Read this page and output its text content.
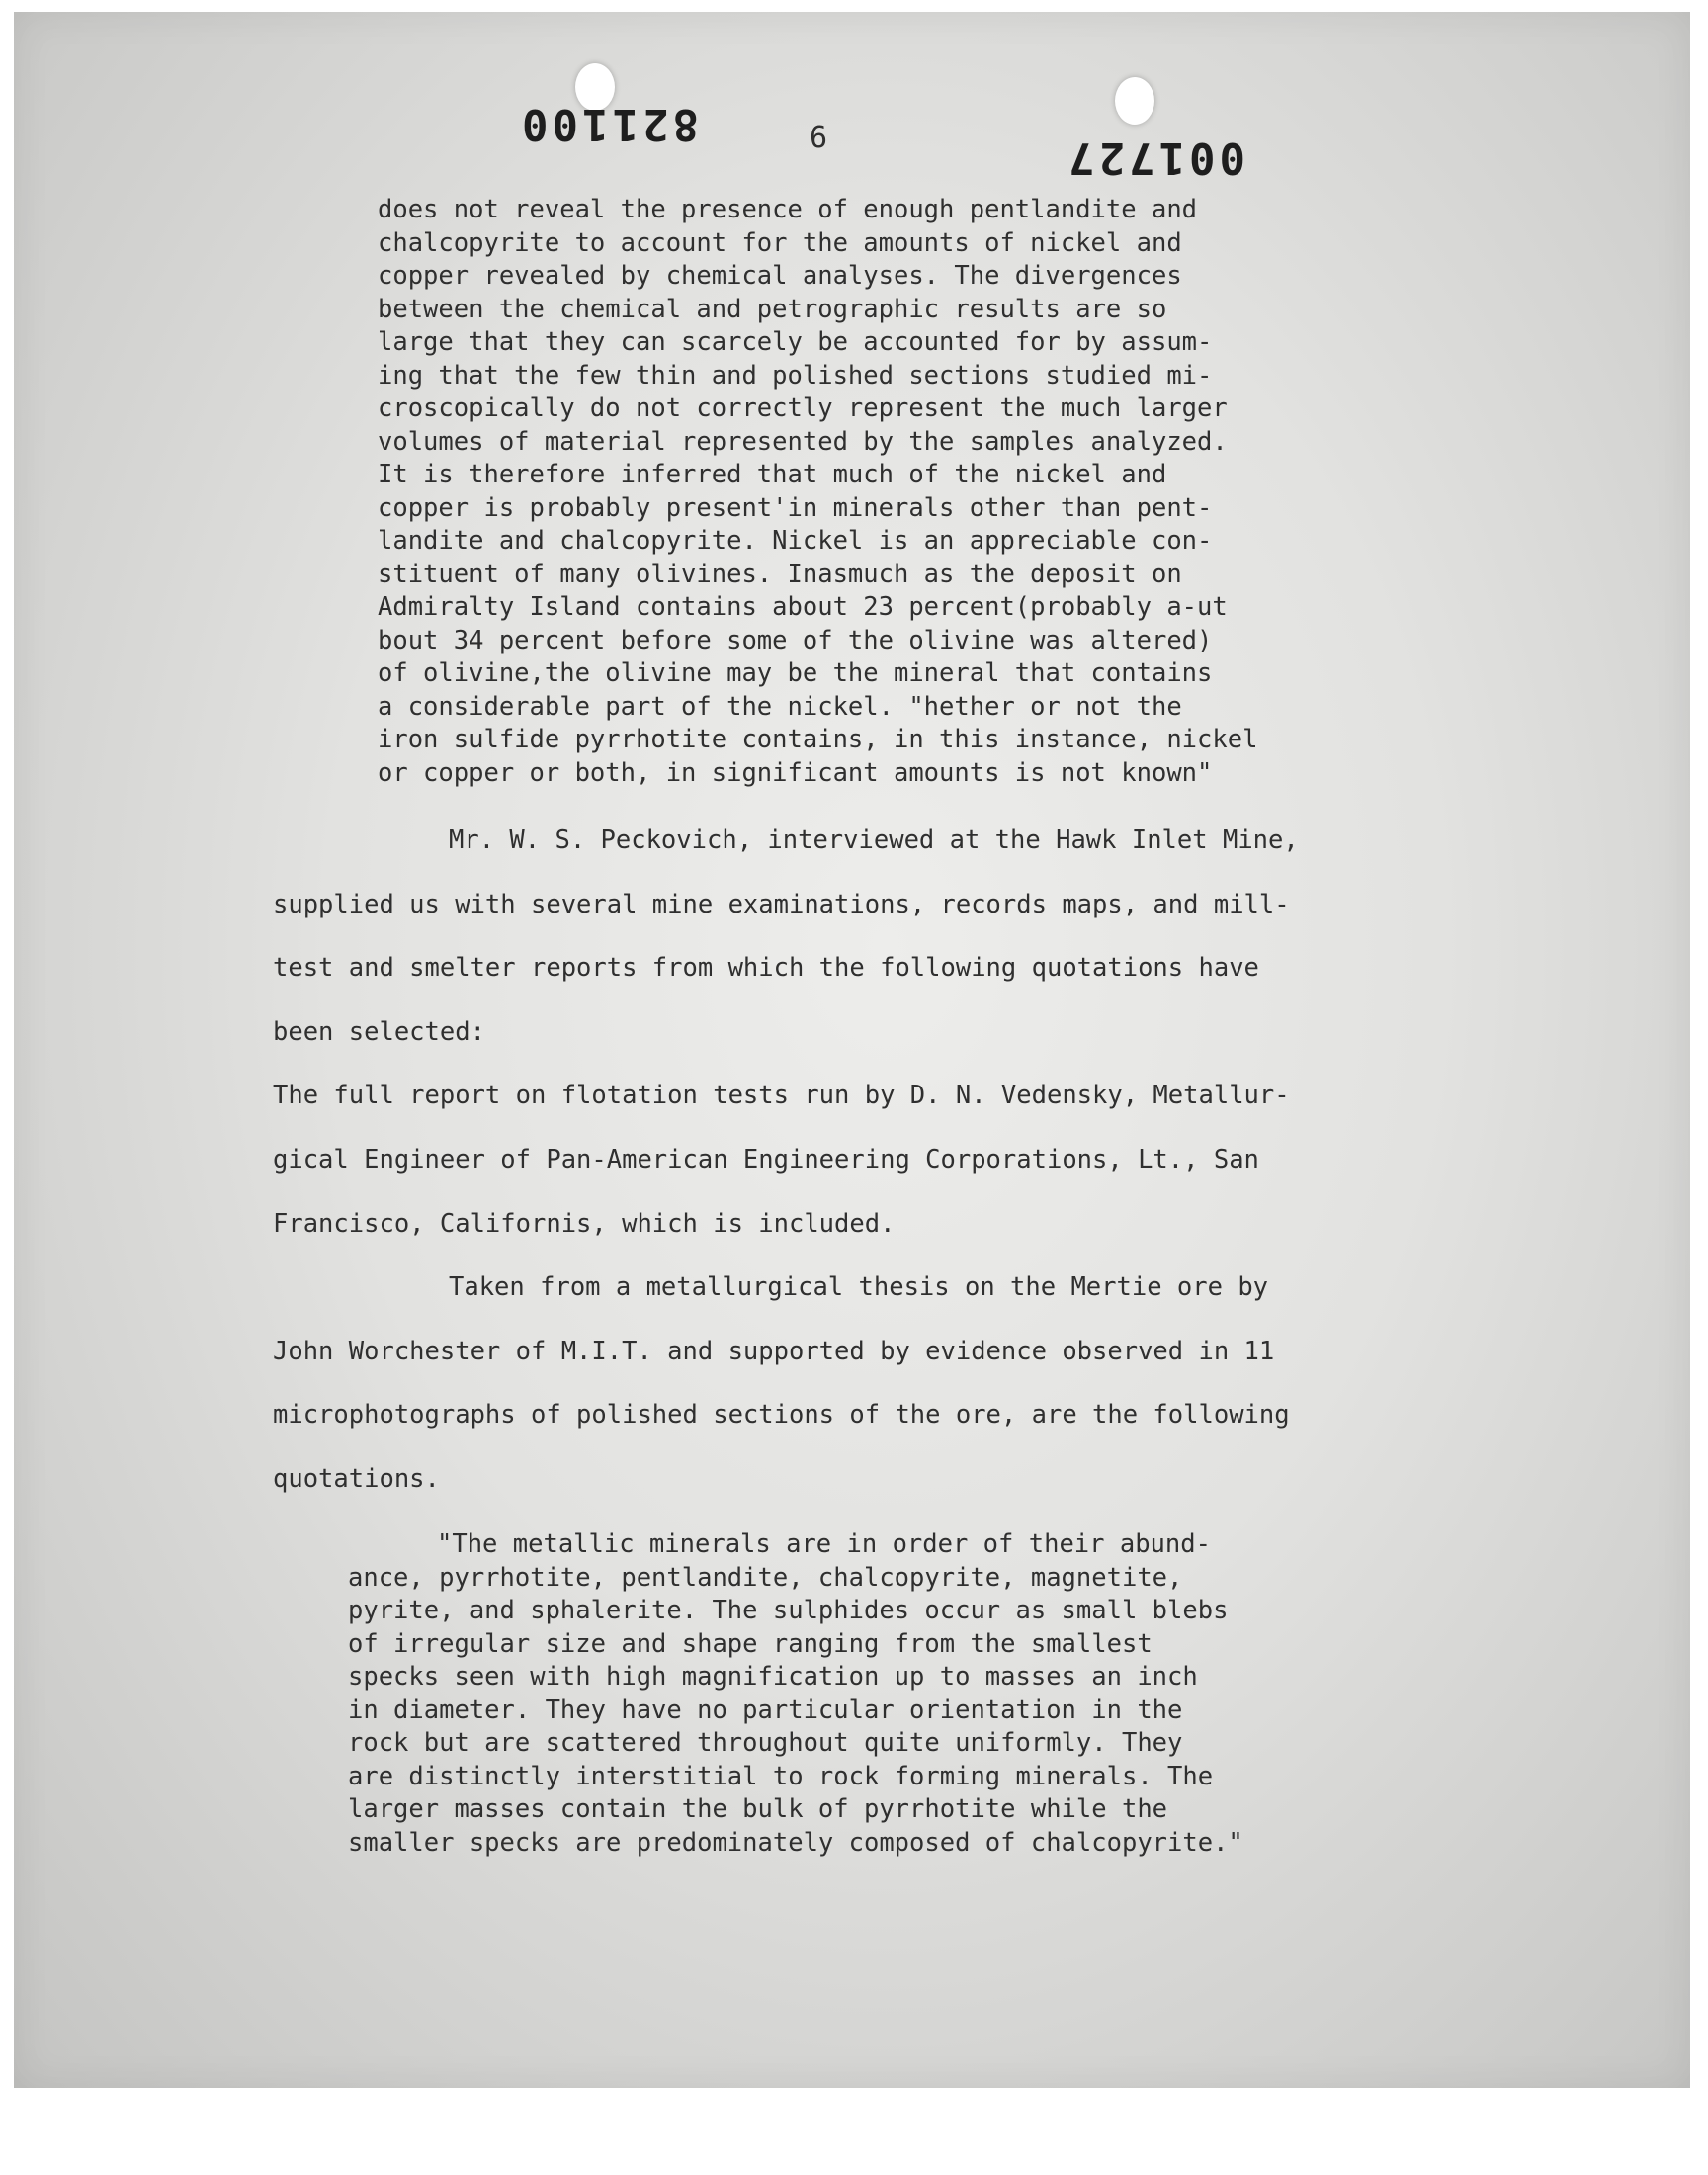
821100	6	001727
does not reveal the presence of enough pentlandite and
chalcopyrite to account for the amounts of nickel and
copper revealed by chemical analyses. The divergences
between the chemical and petrographic results are so
large that they can scarcely be accounted for by assum-
ing that the few thin and polished sections studied mi-
croscopically do not correctly represent the much larger
volumes of material represented by the samples analyzed.
It is therefore inferred that much of the nickel and
copper is probably present'in minerals other than pent-
landite and chalcopyrite. Nickel is an appreciable con-
stituent of many olivines. Inasmuch as the deposit on
Admiralty Island contains about 23 percent(probably a-ut
bout 34 percent before some of the olivine was altered)
of olivine,the olivine may be the mineral that contains
a considerable part of the nickel. "hether or not the
iron sulfide pyrrhotite contains, in this instance, nickel
or copper or both, in significant amounts is not known"
Mr. W. S. Peckovich, interviewed at the Hawk Inlet Mine,
supplied us with several mine examinations, records maps, and mill-
test and smelter reports from which the following quotations have
been selected:
The full report on flotation tests run by D. N. Vedensky, Metallur-
gical Engineer of Pan-American Engineering Corporations, Lt., San
Francisco, Californis, which is included.
Taken from a metallurgical thesis on the Mertie ore by
John Worchester of M.I.T. and supported by evidence observed in 11
microphotographs of polished sections of the ore, are the following
quotations.
"The metallic minerals are in order of their abund-
ance, pyrrhotite, pentlandite, chalcopyrite, magnetite,
pyrite, and sphalerite. The sulphides occur as small blebs
of irregular size and shape ranging from the smallest
specks seen with high magnification up to masses an inch
in diameter. They have no particular orientation in the
rock but are scattered throughout quite uniformly. They
are distinctly interstitial to rock forming minerals. The
larger masses contain the bulk of pyrrhotite while the
smaller specks are predominately composed of chalcopyrite."
